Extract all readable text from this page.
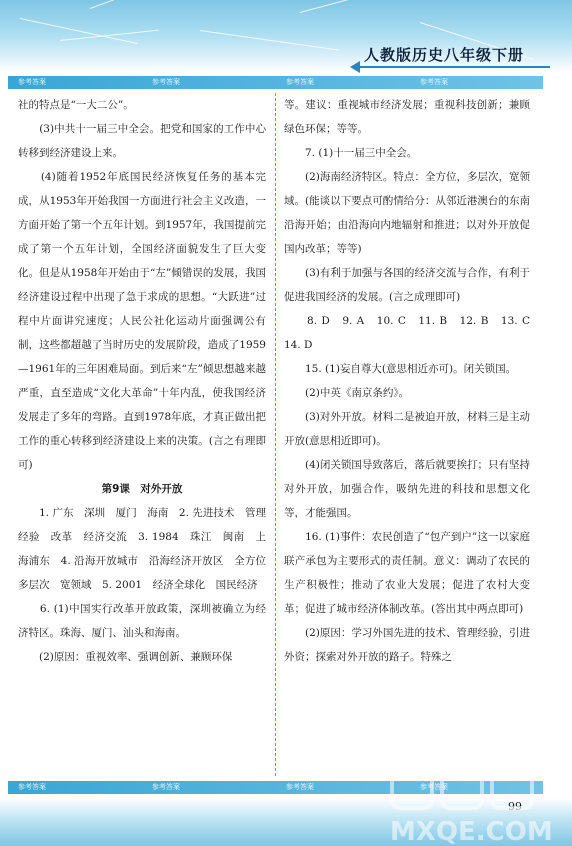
人教版历史八年级下册
参考答案	参考答案	参考答案	参考答案

社的特点是“一大二公”。

　　(3)中共十一届三中全会。把党和国家的工作中心转移到经济建设上来。

　　(4)随着1952年底国民经济恢复任务的基本完成，从1953年开始我国一方面进行社会主义改造，一方面开始了第一个五年计划。到1957年，我国提前完成了第一个五年计划，全国经济面貌发生了巨大变化。但是从1958年开始由于“左”倾错误的发展，我国经济建设过程中出现了急于求成的思想。“大跃进”过程中片面讲究速度；人民公社化运动片面强调公有制，这些都超越了当时历史的发展阶段，造成了1959—1961年的三年困难局面。到后来“左”倾思想越来越严重，直至造成“文化大革命”十年内乱，使我国经济发展走了多年的弯路。直到1978年底，才真正做出把工作的重心转移到经济建设上来的决策。(言之有理即可)

第9课　对外开放

　　1. 广东　深圳　厦门　海南　2. 先进技术　管理经验　改革　经济交流　3. 1984　珠江　闽南　上海浦东　4. 沿海开放城市　沿海经济开放区　全方位　多层次　宽领域　5. 2001　经济全球化　国民经济

　　6. (1)中国实行改革开放政策，深圳被确立为经济特区。珠海、厦门、汕头和海南。

　　(2)原因：重视效率、强调创新、兼顾环保

等。建议：重视城市经济发展；重视科技创新；兼顾绿色环保；等等。

　　7. (1)十一届三中全会。

　　(2)海南经济特区。特点：全方位，多层次，宽领域。(能谈以下要点可酌情给分：从邻近港澳台的东南沿海开始；由沿海向内地辐射和推进；以对外开放促国内改革；等等)

　　(3)有利于加强与各国的经济交流与合作，有利于促进我国经济的发展。(言之成理即可)

　　8. D　9. A　10. C　11. B　12. B　13. C　14. D

　　15. (1)妄自尊大(意思相近亦可)。闭关锁国。

　　(2)中英《南京条约》。

　　(3)对外开放。材料二是被迫开放，材料三是主动开放(意思相近即可)。

　　(4)闭关锁国导致落后，落后就要挨打；只有坚持对外开放，加强合作，吸纳先进的科技和思想文化等，才能强国。

　　16. (1)事件：农民创造了“包产到户”这一以家庭联产承包为主要形式的责任制。意义：调动了农民的生产积极性；推动了农业大发展；促进了农村大变革；促进了城市经济体制改革。(答出其中两点即可)

　　(2)原因：学习外国先进的技术、管理经验，引进外资；探索对外开放的路子。特殊之

参考答案	参考答案	参考答案	参考答案
99
MXQE.COM
